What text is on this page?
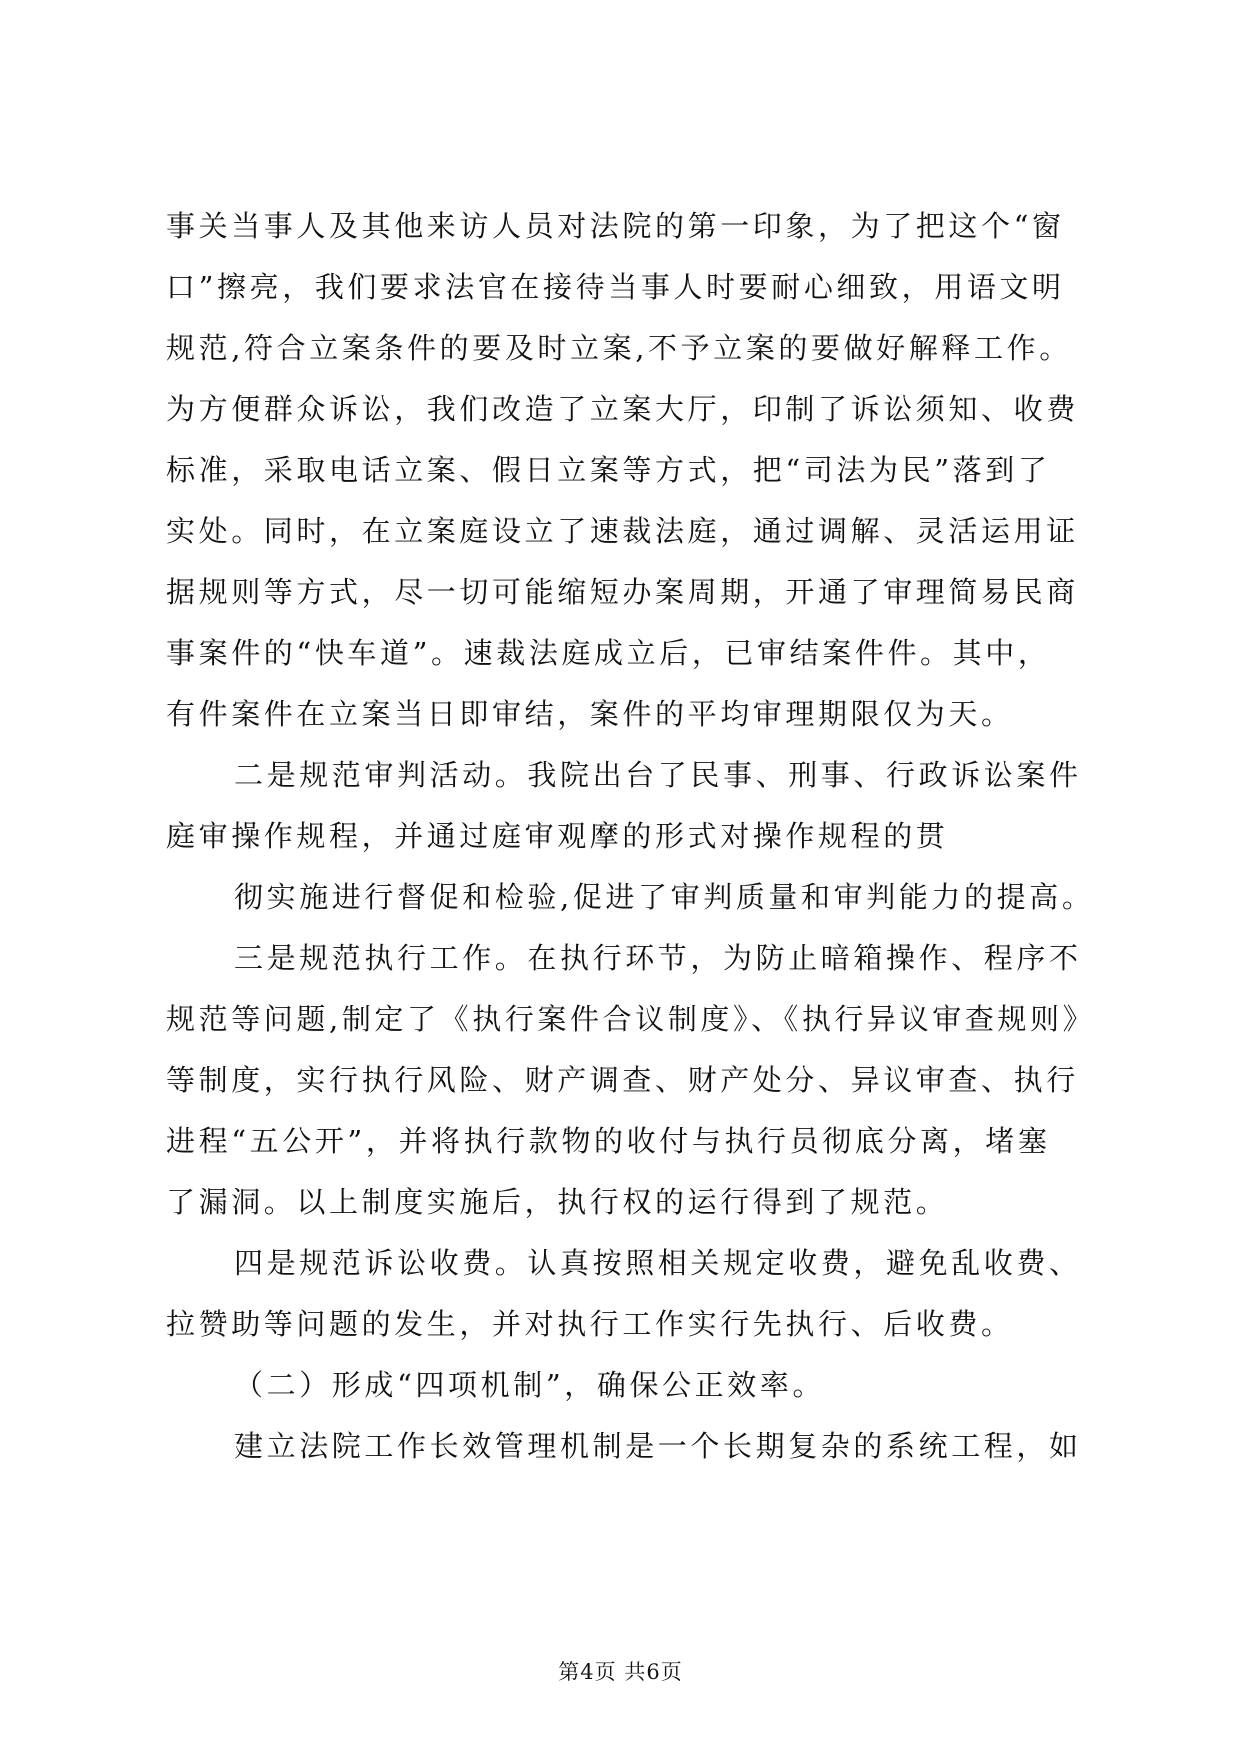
事关当事人及其他来访人员对法院的第一印象，为了把这个“窗
口”擦亮，我们要求法官在接待当事人时要耐心细致，用语文明
规范,符合立案条件的要及时立案,不予立案的要做好解释工作。
为方便群众诉讼，我们改造了立案大厅，印制了诉讼须知、收费
标准，采取电话立案、假日立案等方式，把“司法为民”落到了
实处。同时，在立案庭设立了速裁法庭，通过调解、灵活运用证
据规则等方式，尽一切可能缩短办案周期，开通了审理简易民商
事案件的“快车道”。速裁法庭成立后，已审结案件件。其中，
有件案件在立案当日即审结，案件的平均审理期限仅为天。
二是规范审判活动。我院出台了民事、刑事、行政诉讼案件
庭审操作规程，并通过庭审观摩的形式对操作规程的贯
彻实施进行督促和检验,促进了审判质量和审判能力的提高。
三是规范执行工作。在执行环节，为防止暗箱操作、程序不
规范等问题,制定了《执行案件合议制度》、《执行异议审查规则》
等制度，实行执行风险、财产调查、财产处分、异议审查、执行
进程“五公开”，并将执行款物的收付与执行员彻底分离，堵塞
了漏洞。以上制度实施后，执行权的运行得到了规范。
四是规范诉讼收费。认真按照相关规定收费，避免乱收费、
拉赞助等问题的发生，并对执行工作实行先执行、后收费。
（二）形成“四项机制”，确保公正效率。
建立法院工作长效管理机制是一个长期复杂的系统工程，如
第4页 共6页
